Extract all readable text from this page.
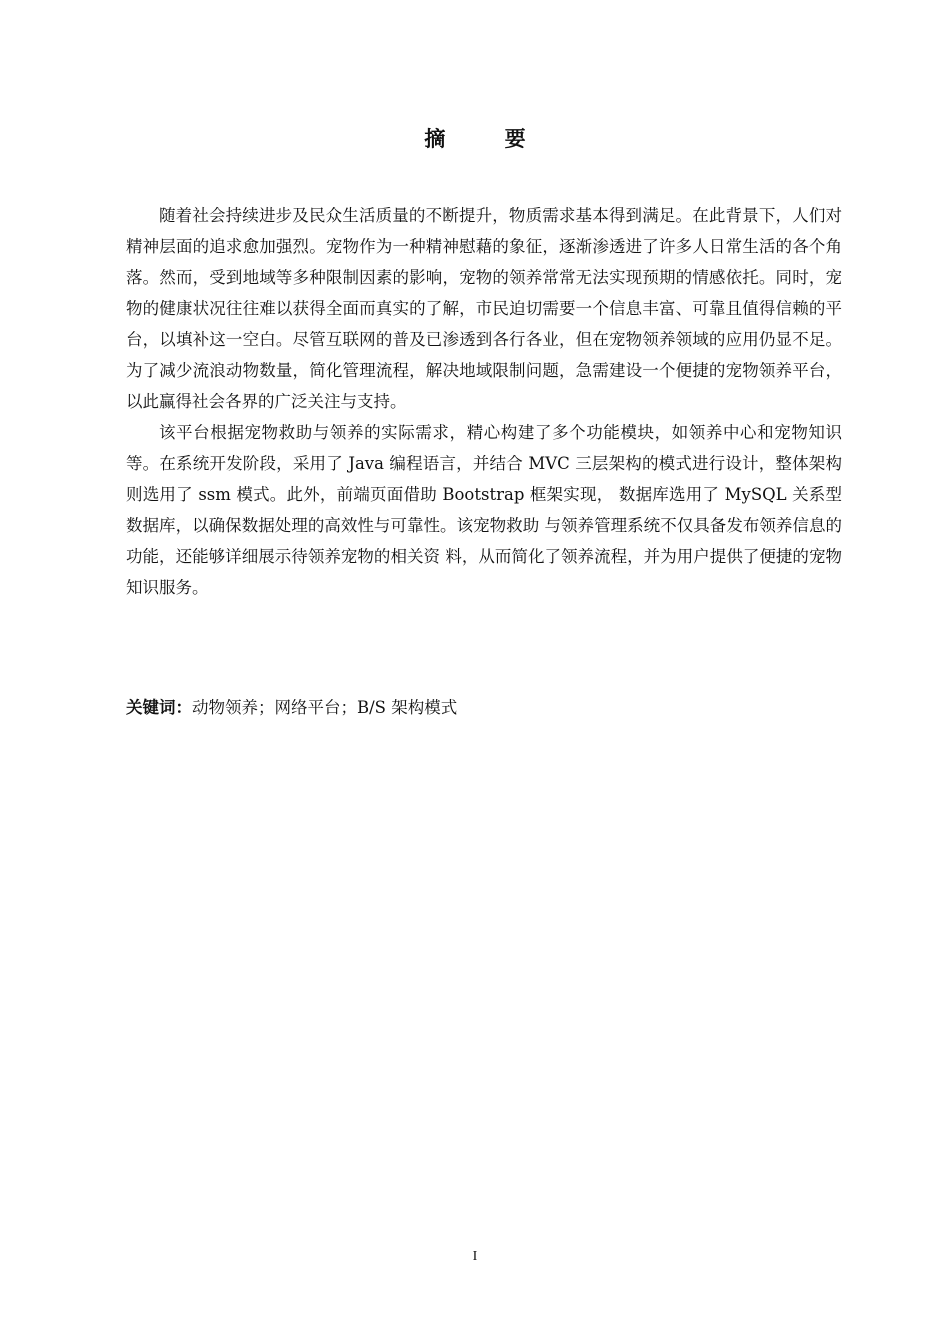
摘 要

随着社会持续进步及民众生活质量的不断提升，物质需求基本得到满足。在此背景下，人们对精神层面的追求愈加强烈。宠物作为一种精神慰藉的象征，逐渐渗透进了许多人日常生活的各个角落。然而，受到地域等多种限制因素的影响，宠物的领养常常无法实现预期的情感依托。同时，宠物的健康状况往往难以获得全面而真实的了解，市民迫切需要一个信息丰富、可靠且值得信赖的平台，以填补这一空白。尽管互联网的普及已渗透到各行各业，但在宠物领养领域的应用仍显不足。为了减少流浪动物数量，简化管理流程，解决地域限制问题，急需建设一个便捷的宠物领养平台，以此赢得社会各界的广泛关注与支持。

该平台根据宠物救助与领养的实际需求，精心构建了多个功能模块，如领养中心和宠物知识等。在系统开发阶段，采用了 Java 编程语言，并结合 MVC 三层架构的模式进行设计，整体架构则选用了 ssm 模式。此外，前端页面借助 Bootstrap 框架实现， 数据库选用了 MySQL 关系型数据库，以确保数据处理的高效性与可靠性。该宠物救助 与领养管理系统不仅具备发布领养信息的功能，还能够详细展示待领养宠物的相关资 料，从而简化了领养流程，并为用户提供了便捷的宠物知识服务。

关键词：动物领养；网络平台；B/S 架构模式
I
